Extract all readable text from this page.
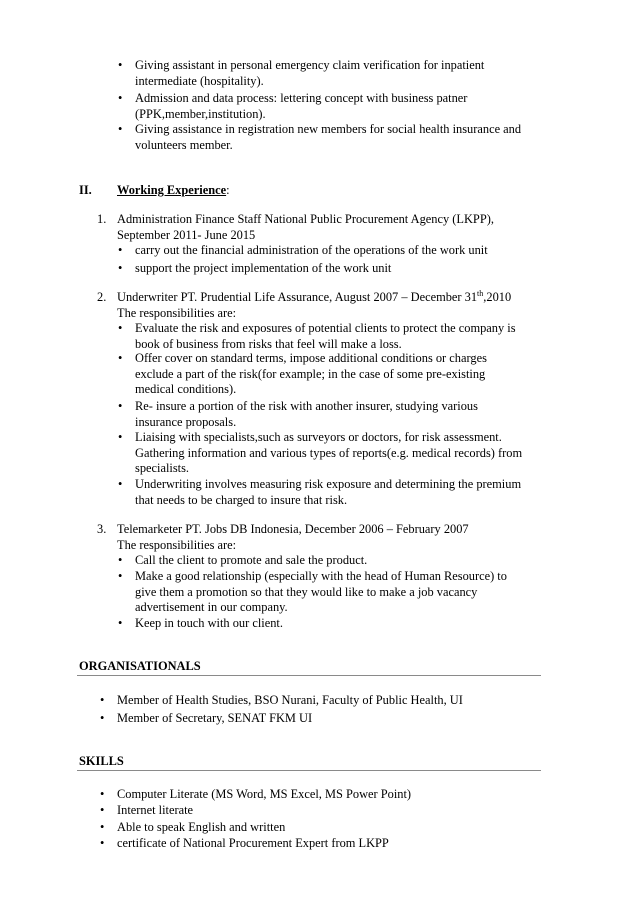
• Giving assistant in personal emergency claim verification for inpatient
intermediate (hospitality).
• Admission and data process: lettering concept with business patner
(PPK,member,institution).
• Giving assistance in registration new members for social health insurance and
volunteers member.
II. Working Experience:
1. Administration Finance Staff National Public Procurement Agency (LKPP),
September 2011- June 2015
• carry out the financial administration of the operations of the work unit
• support the project implementation of the work unit
2. Underwriter PT. Prudential Life Assurance, August 2007 – December 31th,2010
The responsibilities are:
• Evaluate the risk and exposures of potential clients to protect the company is
book of business from risks that feel will make a loss.
• Offer cover on standard terms, impose additional conditions or charges
exclude a part of the risk(for example; in the case of some pre-existing
medical conditions).
• Re- insure a portion of the risk with another insurer, studying various
insurance proposals.
• Liaising with specialists,such as surveyors or doctors, for risk assessment.
Gathering information and various types of reports(e.g. medical records) from
specialists.
• Underwriting involves measuring risk exposure and determining the premium
that needs to be charged to insure that risk.
3. Telemarketer PT. Jobs DB Indonesia, December 2006 – February 2007
The responsibilities are:
• Call the client to promote and sale the product.
• Make a good relationship (especially with the head of Human Resource) to
give them a promotion so that they would like to make a job vacancy
advertisement in our company.
• Keep in touch with our client.
ORGANISATIONALS
• Member of Health Studies, BSO Nurani, Faculty of Public Health, UI
• Member of Secretary, SENAT FKM UI
SKILLS
• Computer Literate (MS Word, MS Excel, MS Power Point)
• Internet literate
• Able to speak English and written
• certificate of National Procurement Expert from LKPP
